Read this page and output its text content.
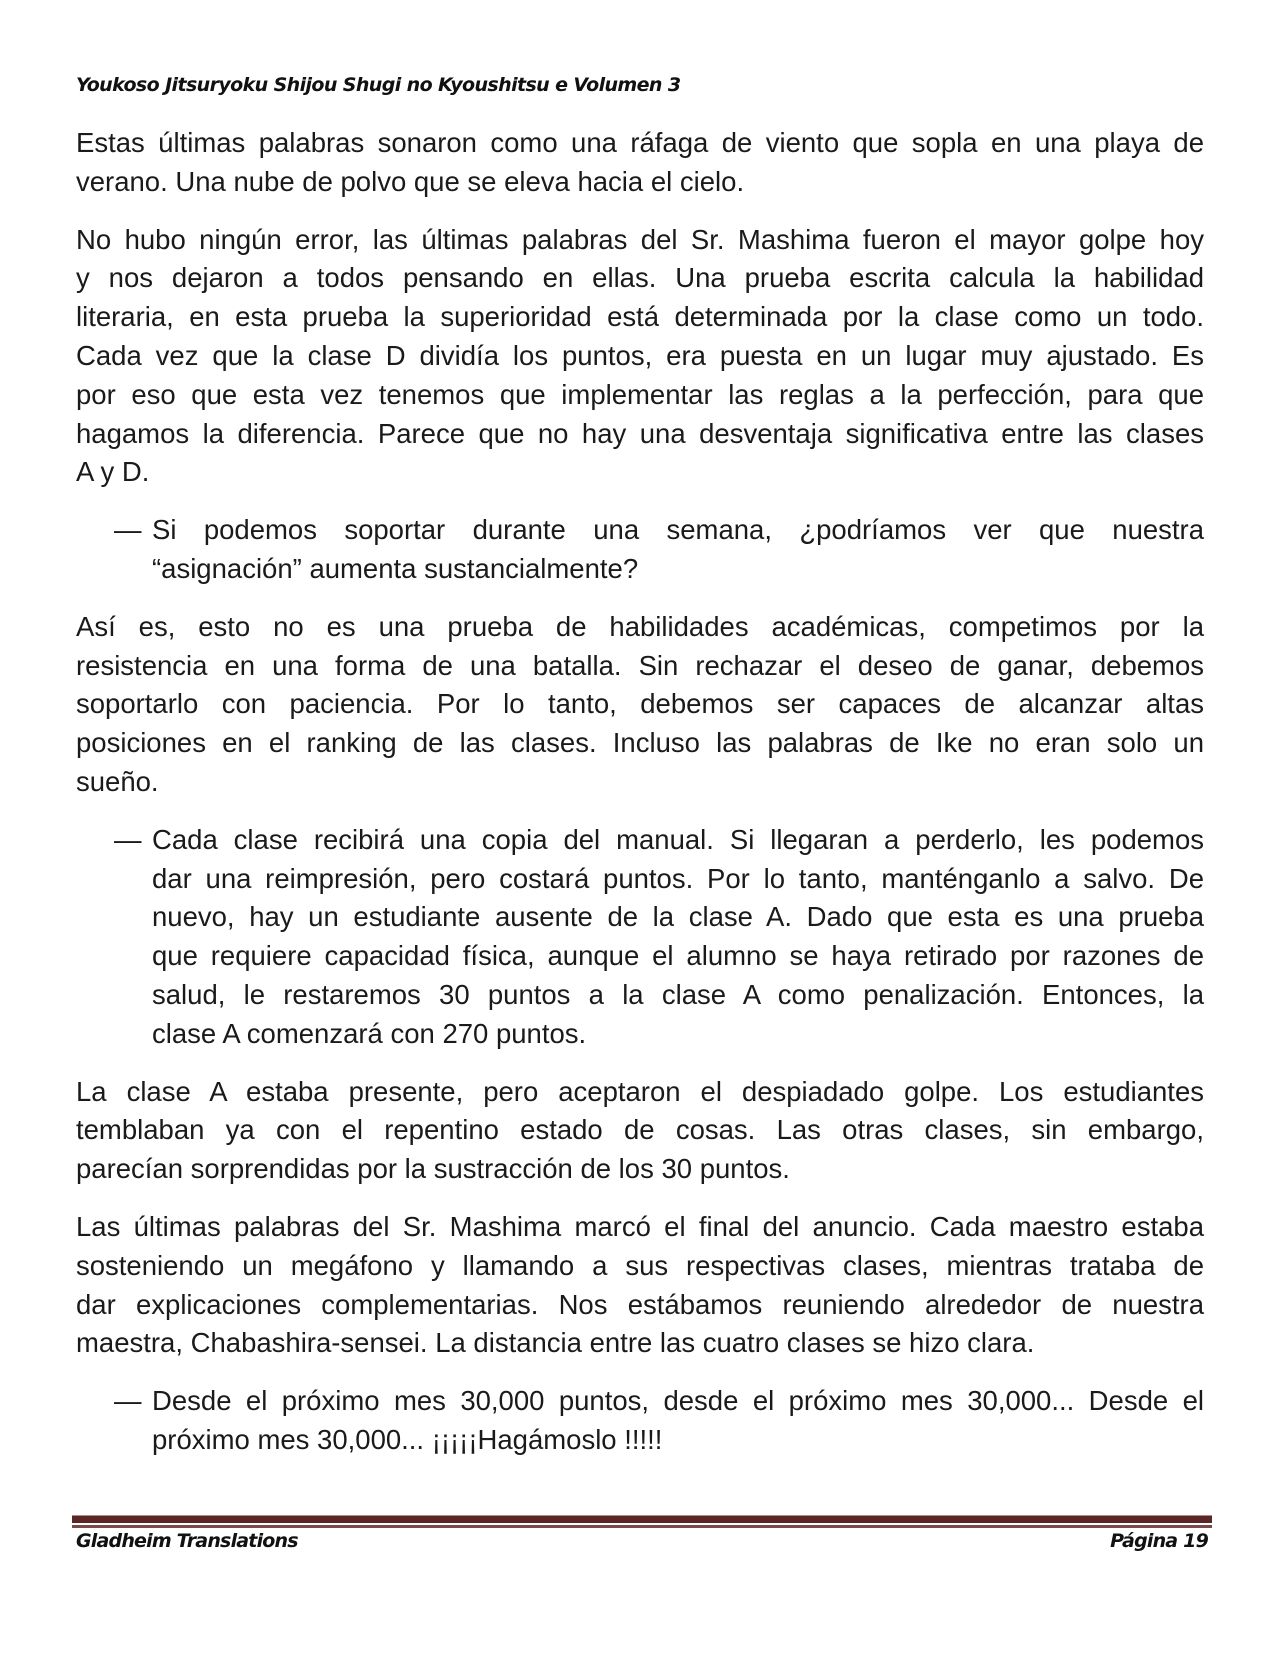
Youkoso Jitsuryoku Shijou Shugi no Kyoushitsu e Volumen 3
Estas últimas palabras sonaron como una ráfaga de viento que sopla en una playa de
verano. Una nube de polvo que se eleva hacia el cielo.
No hubo ningún error, las últimas palabras del Sr. Mashima fueron el mayor golpe hoy
y nos dejaron a todos pensando en ellas. Una prueba escrita calcula la habilidad
literaria, en esta prueba la superioridad está determinada por la clase como un todo.
Cada vez que la clase D dividía los puntos, era puesta en un lugar muy ajustado. Es
por eso que esta vez tenemos que implementar las reglas a la perfección, para que
hagamos la diferencia. Parece que no hay una desventaja significativa entre las clases
A y D.
— Si podemos soportar durante una semana, ¿podríamos ver que nuestra
“asignación” aumenta sustancialmente?
Así es, esto no es una prueba de habilidades académicas, competimos por la
resistencia en una forma de una batalla. Sin rechazar el deseo de ganar, debemos
soportarlo con paciencia. Por lo tanto, debemos ser capaces de alcanzar altas
posiciones en el ranking de las clases. Incluso las palabras de Ike no eran solo un
sueño.
— Cada clase recibirá una copia del manual. Si llegaran a perderlo, les podemos
dar una reimpresión, pero costará puntos. Por lo tanto, manténganlo a salvo. De
nuevo, hay un estudiante ausente de la clase A. Dado que esta es una prueba
que requiere capacidad física, aunque el alumno se haya retirado por razones de
salud, le restaremos 30 puntos a la clase A como penalización. Entonces, la
clase A comenzará con 270 puntos.
La clase A estaba presente, pero aceptaron el despiadado golpe. Los estudiantes
temblaban ya con el repentino estado de cosas. Las otras clases, sin embargo,
parecían sorprendidas por la sustracción de los 30 puntos.
Las últimas palabras del Sr. Mashima marcó el final del anuncio. Cada maestro estaba
sosteniendo un megáfono y llamando a sus respectivas clases, mientras trataba de
dar explicaciones complementarias. Nos estábamos reuniendo alrededor de nuestra
maestra, Chabashira-sensei. La distancia entre las cuatro clases se hizo clara.
— Desde el próximo mes 30,000 puntos, desde el próximo mes 30,000... Desde el
próximo mes 30,000... ¡¡¡¡¡Hagámoslo !!!!!
Gladheim Translations	Página 19
